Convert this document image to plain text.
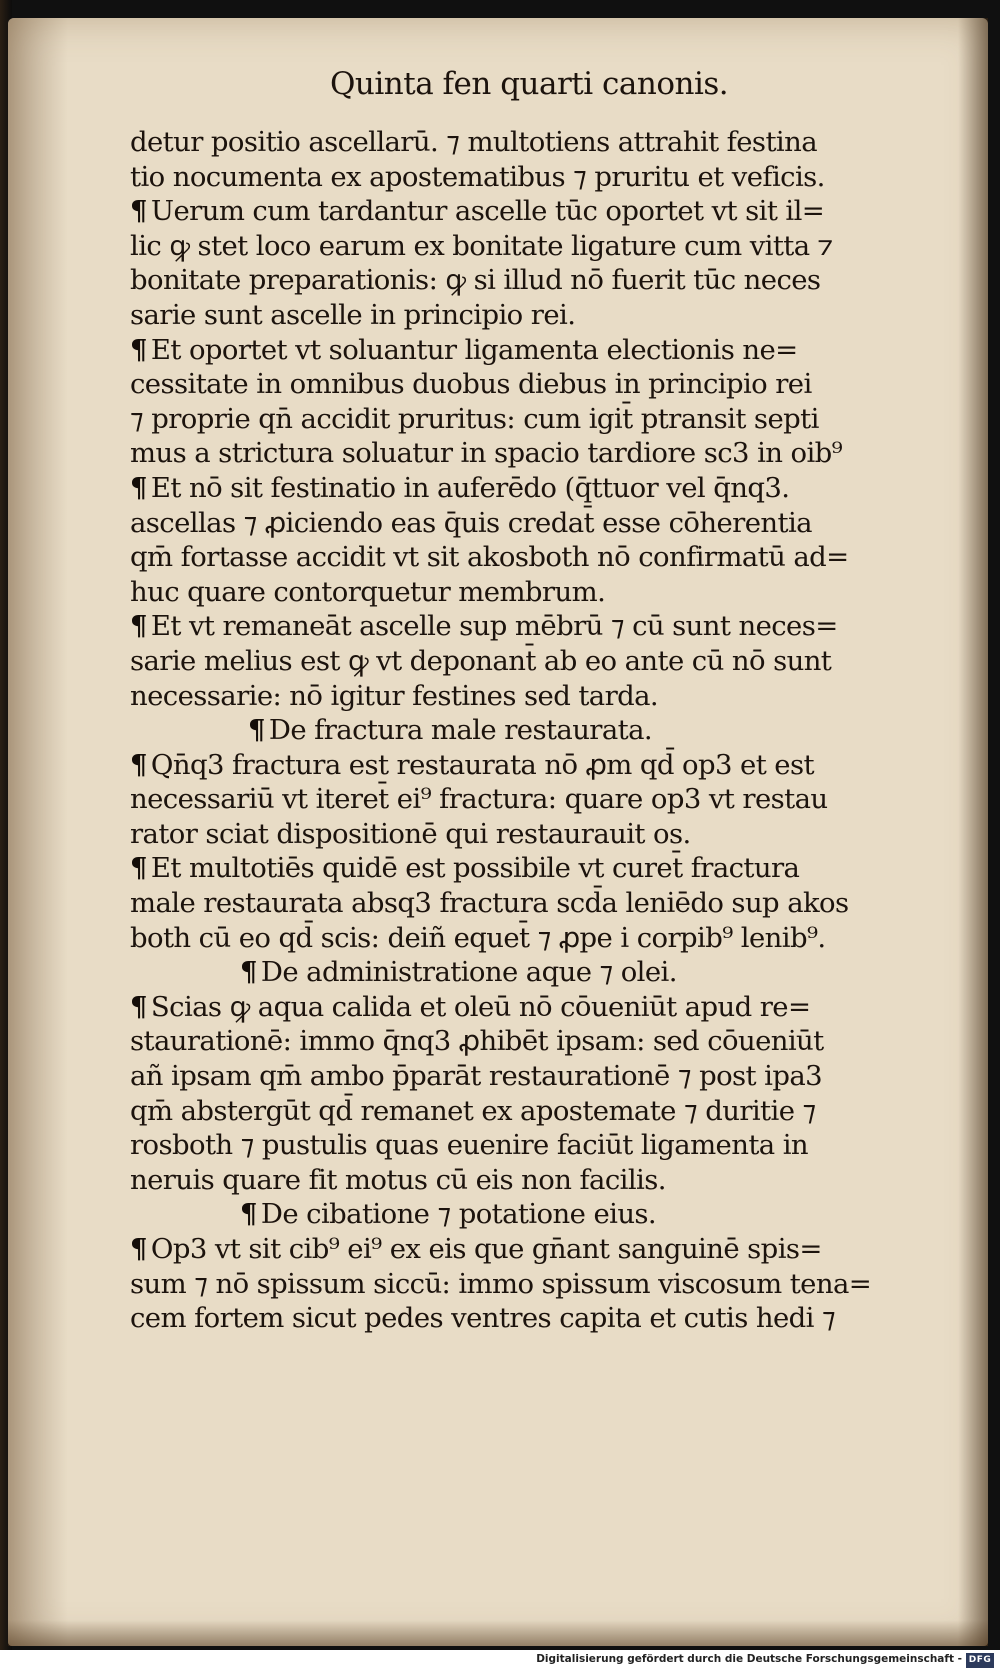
Quinta fen quarti canonis.
detur positio ascellarū. ⁊ multotiens attrahit festina
tio nocumenta ex apostematibus ⁊ pruritu et veficis.
¶ Uerum cum tardantur ascelle tūc oportet vt sit il=
lic ꝙ stet loco earum ex bonitate ligature cum vitta ⁊
bonitate preparationis: ꝙ si illud nō fuerit tūc neces
sarie sunt ascelle in principio rei.
¶ Et oportet vt soluantur ligamenta electionis ne=
cessitate in omnibus duobus diebus in principio rei
⁊ proprie qn̄ accidit pruritus: cum igit̄ ptransit septi
mus a strictura soluatur in spacio tardiore sc3 in oib⁹
¶ Et nō sit festinatio in auferēdo (q̄ttuor vel q̄nq3.
ascellas ⁊ ꝓiciendo eas q̄uis credat̄ esse cōherentia
qm̄ fortasse accidit vt sit akosboth nō confirmatū ad=
huc quare contorquetur membrum.
¶ Et vt remaneāt ascelle sup mēbrū ⁊ cū sunt neces=
sarie melius est ꝙ vt deponant̄ ab eo ante cū nō sunt
necessarie: nō igitur festines sed tarda.
¶ De fractura male restaurata.
¶ Qn̄q3 fractura est restaurata nō ꝓm qd̄ op3 et est
necessariū vt iteret̄ ei⁹ fractura: quare op3 vt restau
rator sciat dispositionē qui restaurauit os.
¶ Et multotiēs quidē est possibile vt curet̄ fractura
male restaurata absq3 fractura scd̄a leniēdo sup akos
both cū eo qd̄ scis: deiñ equet̄ ⁊ ꝓpe i corpib⁹ lenib⁹.
¶ De administratione aque ⁊ olei.
¶ Scias ꝙ aqua calida et oleū nō cōueniūt apud re=
staurationē: immo q̄nq3 ꝓhibēt ipsam: sed cōueniūt
añ ipsam qm̄ ambo p̄parāt restaurationē ⁊ post ipa3
qm̄ abstergūt qd̄ remanet ex apostemate ⁊ duritie ⁊
rosboth ⁊ pustulis quas euenire faciūt ligamenta in
neruis quare fit motus cū eis non facilis.
¶ De cibatione ⁊ potatione eius.
¶ Op3 vt sit cib⁹ ei⁹ ex eis que gn̄ant sanguinē spis=
sum ⁊ nō spissum siccū: immo spissum viscosum tena=
cem fortem sicut pedes ventres capita et cutis hedi ⁊
Digitalisierung gefördert durch die Deutsche Forschungsgemeinschaft - DFG
